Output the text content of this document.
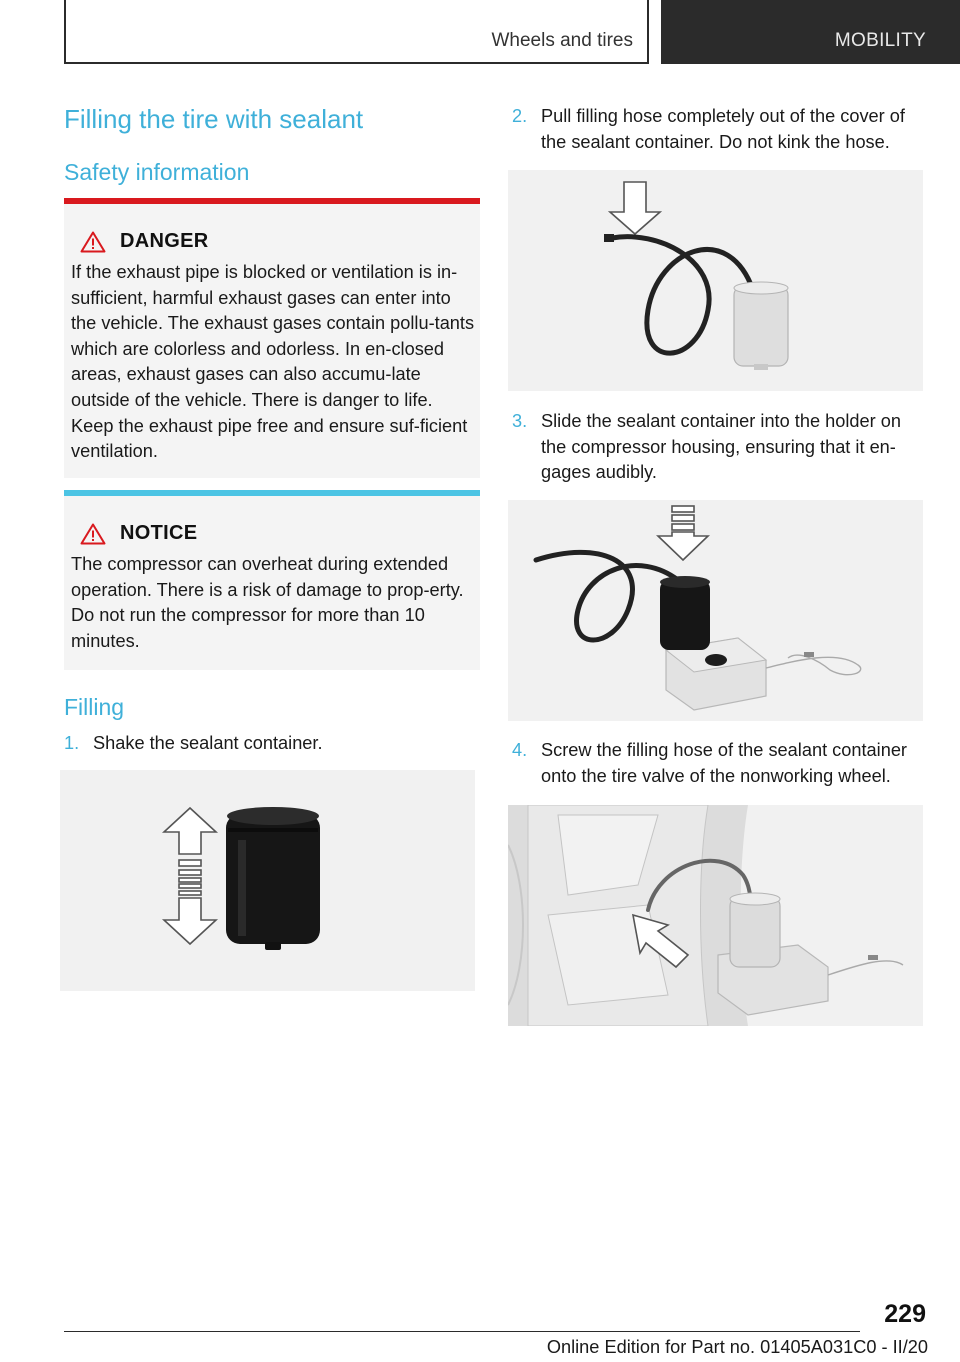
Wheels and tires	MOBILITY
Filling the tire with sealant
Safety information
DANGER
If the exhaust pipe is blocked or ventilation is in-sufficient, harmful exhaust gases can enter into the vehicle. The exhaust gases contain pollu-tants which are colorless and odorless. In en-closed areas, exhaust gases can also accumu-late outside of the vehicle. There is danger to life. Keep the exhaust pipe free and ensure suf-ficient ventilation.
NOTICE
The compressor can overheat during extended operation. There is a risk of damage to prop-erty. Do not run the compressor for more than 10 minutes.
Filling
1. Shake the sealant container.
2. Pull filling hose completely out of the cover of the sealant container. Do not kink the hose.
3. Slide the sealant container into the holder on the compressor housing, ensuring that it en-gages audibly.
4. Screw the filling hose of the sealant container onto the tire valve of the nonworking wheel.
229
Online Edition for Part no. 01405A031C0 - II/20
